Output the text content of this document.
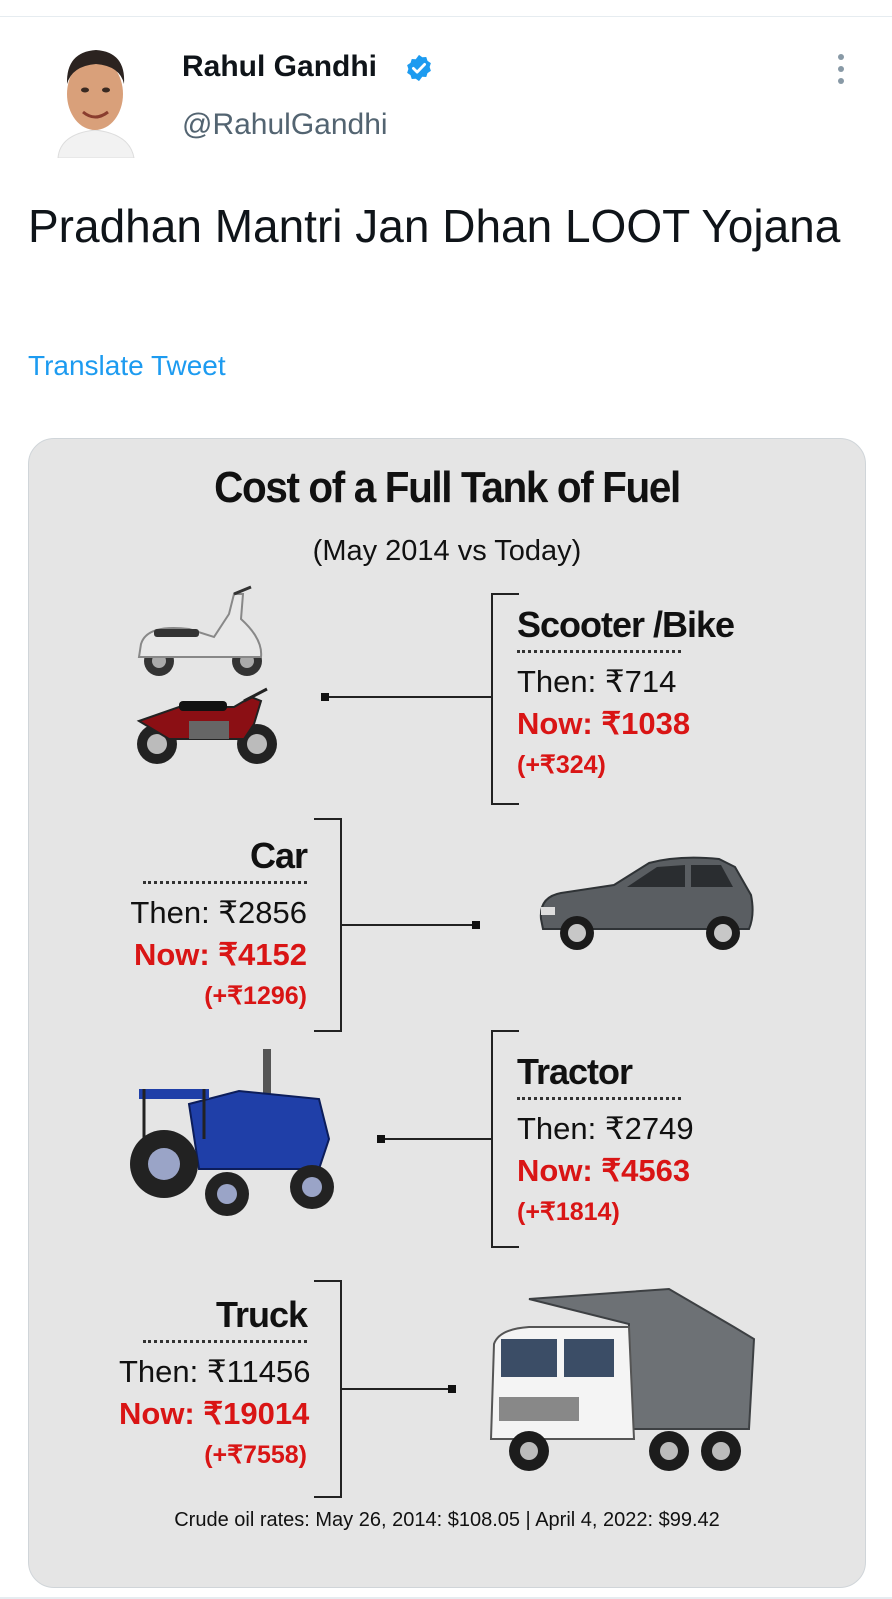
Rahul Gandhi
@RahulGandhi
Pradhan Mantri Jan Dhan LOOT Yojana
Translate Tweet
Cost of a Full Tank of Fuel
(May 2014 vs Today)
Scooter /Bike
Then: ₹714
Now: ₹1038
(+₹324)
Car
Then: ₹2856
Now: ₹4152
(+₹1296)
Tractor
Then: ₹2749
Now: ₹4563
(+₹1814)
Truck
Then: ₹11456
Now: ₹19014
(+₹7558)
Crude oil rates: May 26, 2014: $108.05 | April 4, 2022: $99.42
